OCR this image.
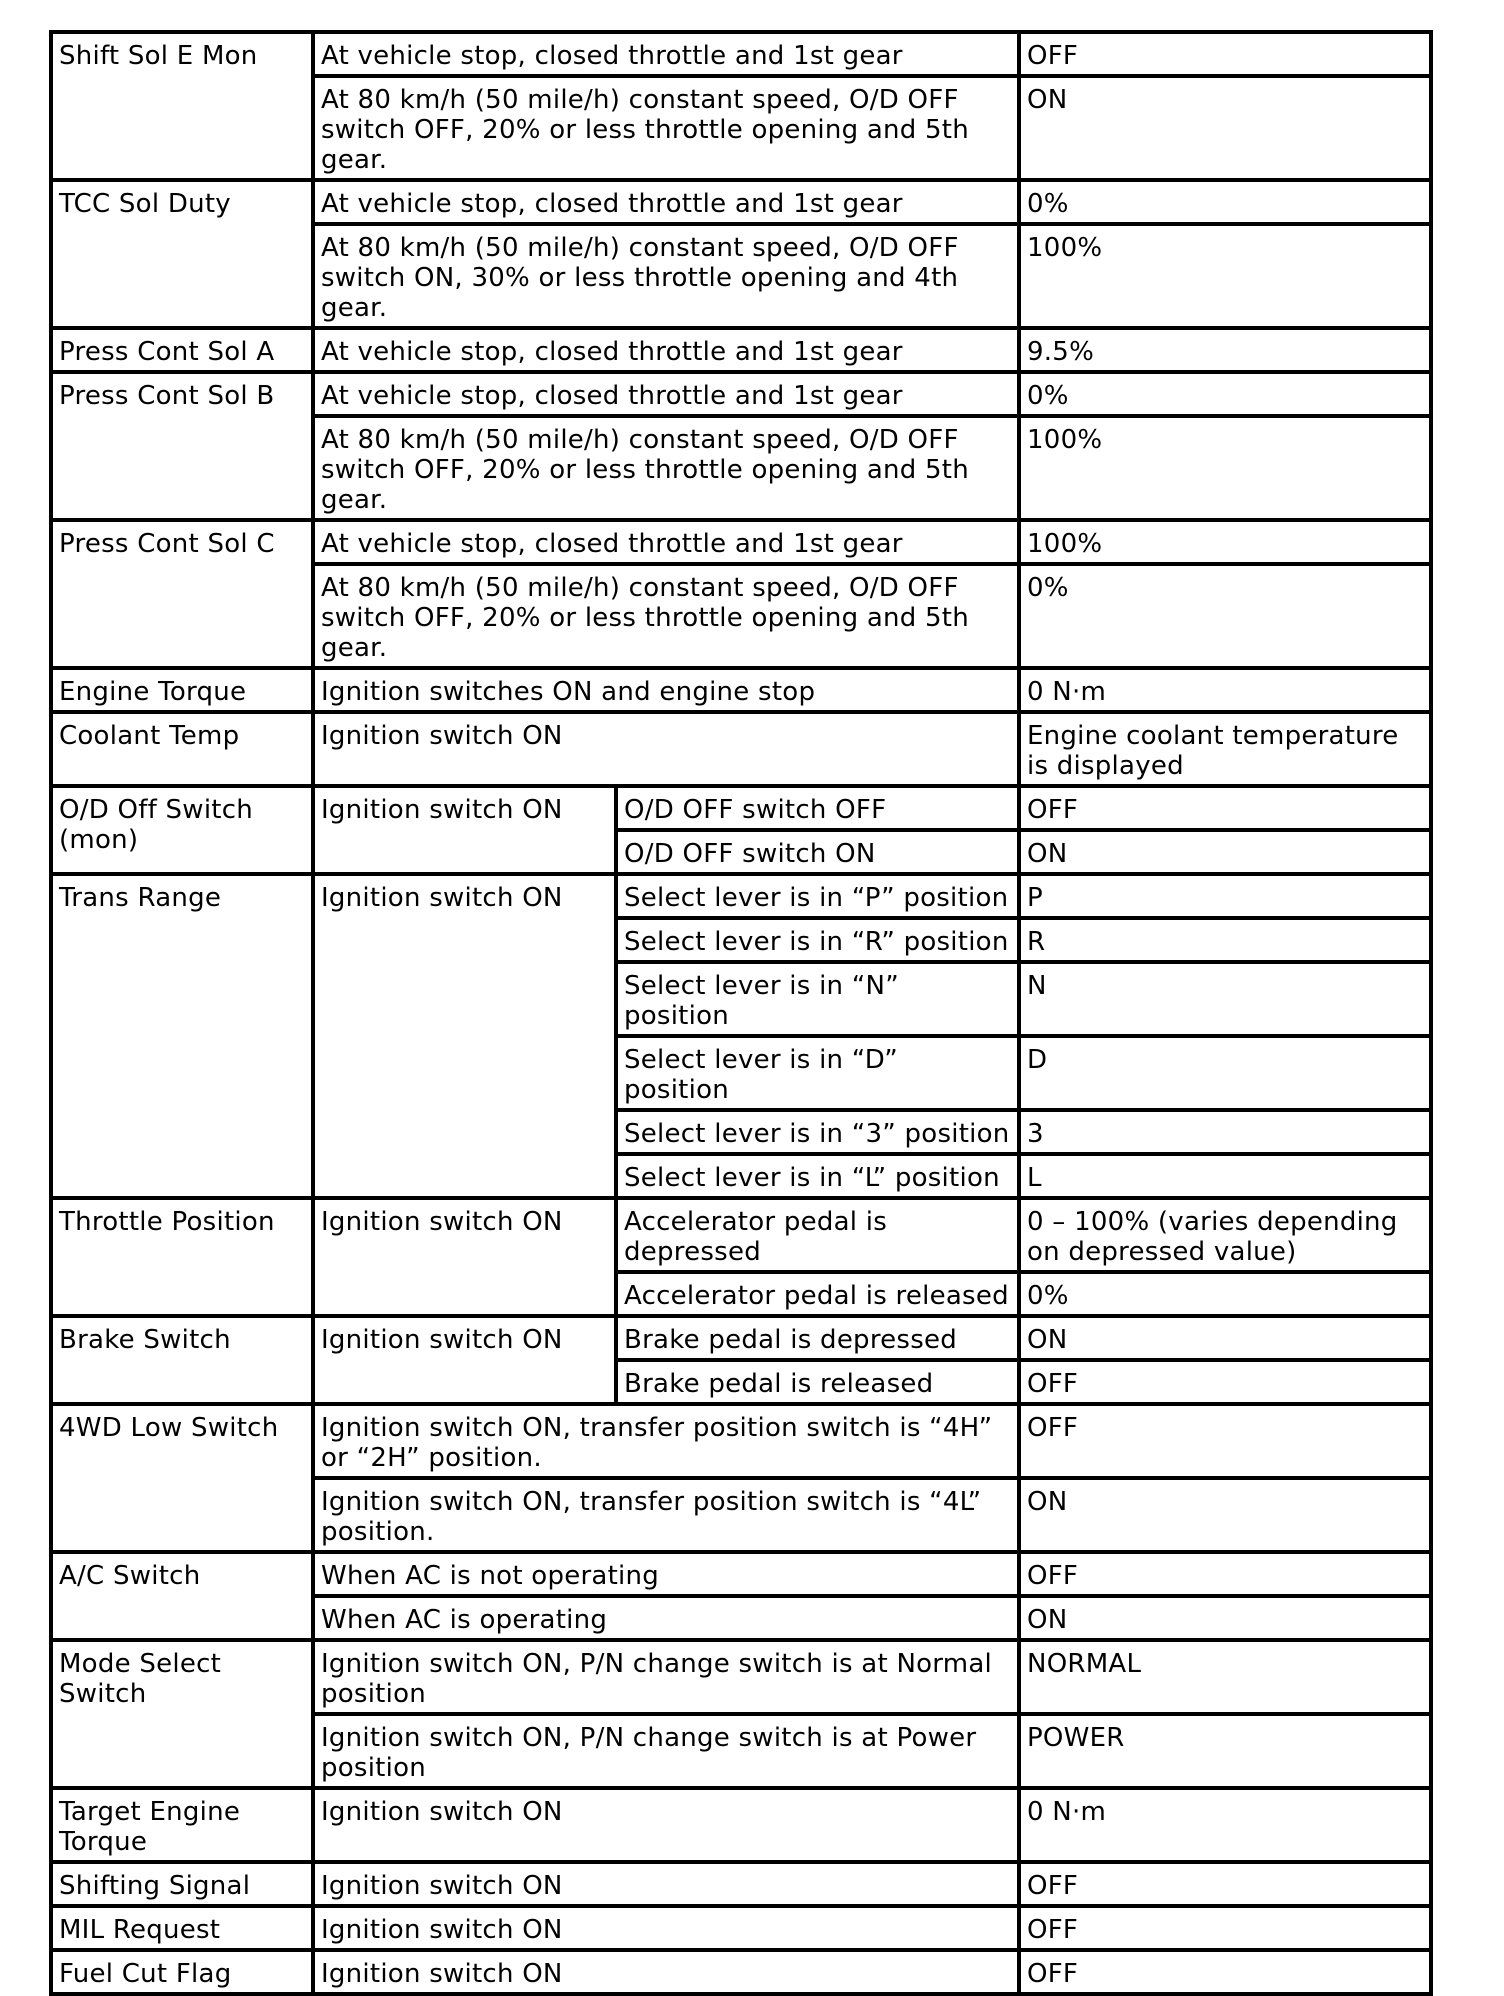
Shift Sol E Mon	At vehicle stop, closed throttle and 1st gear		OFF
	At 80 km/h (50 mile/h) constant speed, O/D OFF switch OFF, 20% or less throttle opening and 5th gear.		ON
TCC Sol Duty	At vehicle stop, closed throttle and 1st gear		0%
	At 80 km/h (50 mile/h) constant speed, O/D OFF switch ON, 30% or less throttle opening and 4th gear.		100%
Press Cont Sol A	At vehicle stop, closed throttle and 1st gear		9.5%
Press Cont Sol B	At vehicle stop, closed throttle and 1st gear		0%
	At 80 km/h (50 mile/h) constant speed, O/D OFF switch OFF, 20% or less throttle opening and 5th gear.		100%
Press Cont Sol C	At vehicle stop, closed throttle and 1st gear		100%
	At 80 km/h (50 mile/h) constant speed, O/D OFF switch OFF, 20% or less throttle opening and 5th gear.		0%
Engine Torque	Ignition switches ON and engine stop		0 N·m
Coolant Temp	Ignition switch ON		Engine coolant temperature is displayed
O/D Off Switch (mon)	Ignition switch ON	O/D OFF switch OFF	OFF
		O/D OFF switch ON	ON
Trans Range	Ignition switch ON	Select lever is in “P” position	P
		Select lever is in “R” position	R
		Select lever is in “N” position	N
		Select lever is in “D” position	D
		Select lever is in “3” position	3
		Select lever is in “L” position	L
Throttle Position	Ignition switch ON	Accelerator pedal is depressed	0 – 100% (varies depending on depressed value)
		Accelerator pedal is released	0%
Brake Switch	Ignition switch ON	Brake pedal is depressed	ON
		Brake pedal is released	OFF
4WD Low Switch	Ignition switch ON, transfer position switch is “4H” or “2H” position.		OFF
	Ignition switch ON, transfer position switch is “4L” position.		ON
A/C Switch	When AC is not operating		OFF
	When AC is operating		ON
Mode Select Switch	Ignition switch ON, P/N change switch is at Normal position		NORMAL
	Ignition switch ON, P/N change switch is at Power position		POWER
Target Engine Torque	Ignition switch ON		0 N·m
Shifting Signal	Ignition switch ON		OFF
MIL Request	Ignition switch ON		OFF
Fuel Cut Flag	Ignition switch ON		OFF
